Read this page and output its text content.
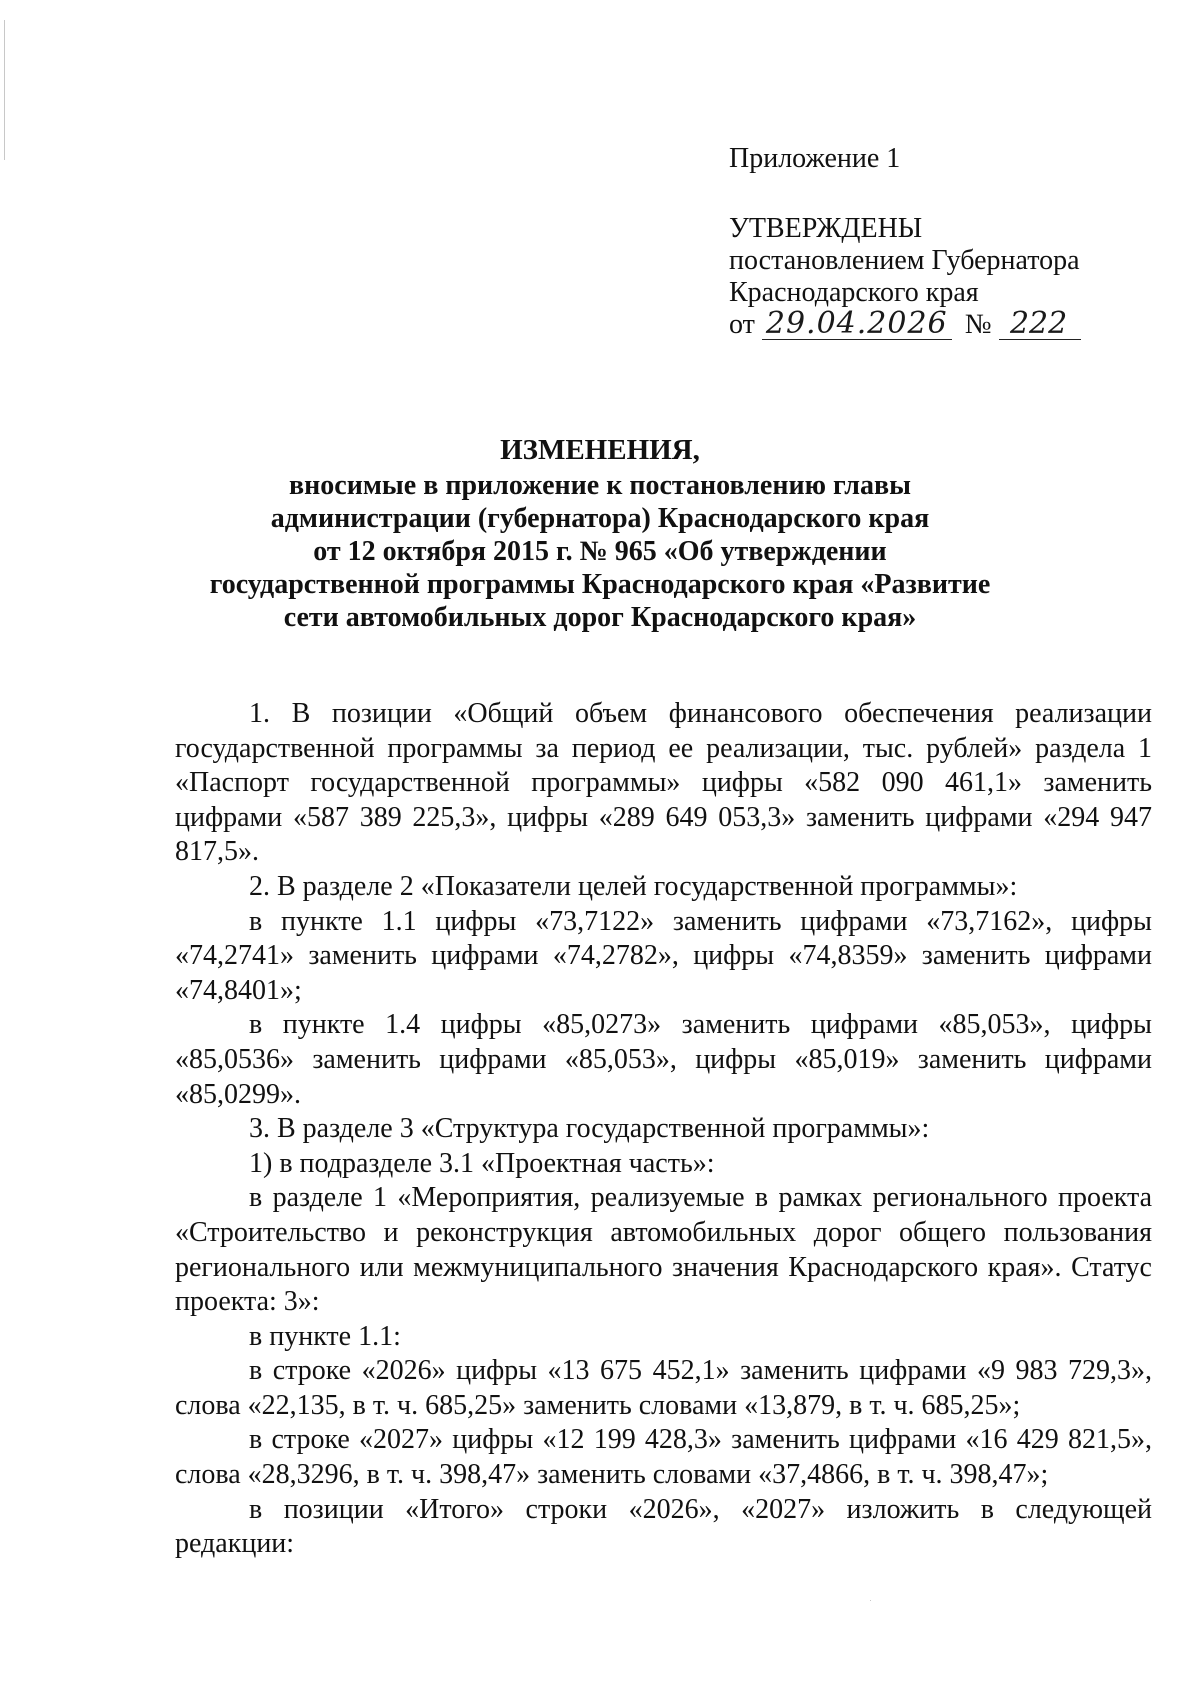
Приложение 1
УТВЕРЖДЕНЫ
постановлением Губернатора
Краснодарского края
от 29.04.2026 № 222
ИЗМЕНЕНИЯ,
вносимые в приложение к постановлению главы
администрации (губернатора) Краснодарского края
от 12 октября 2015 г. № 965 «Об утверждении
государственной программы Краснодарского края «Развитие
сети автомобильных дорог Краснодарского края»

1. В позиции «Общий объем финансового обеспечения реализации государственной программы за период ее реализации, тыс. рублей» раздела 1 «Паспорт государственной программы» цифры «582 090 461,1» заменить цифрами «587 389 225,3», цифры «289 649 053,3» заменить цифрами «294 947 817,5».

2. В разделе 2 «Показатели целей государственной программы»:

в пункте 1.1 цифры «73,7122» заменить цифрами «73,7162», цифры «74,2741» заменить цифрами «74,2782», цифры «74,8359» заменить цифрами «74,8401»;

в пункте 1.4 цифры «85,0273» заменить цифрами «85,053», цифры «85,0536» заменить цифрами «85,053», цифры «85,019» заменить цифрами «85,0299».

3. В разделе 3 «Структура государственной программы»:

1) в подразделе 3.1 «Проектная часть»:

в разделе 1 «Мероприятия, реализуемые в рамках регионального проекта «Строительство и реконструкция автомобильных дорог общего пользования регионального или межмуниципального значения Краснодарского края». Статус проекта: 3»:

в пункте 1.1:

в строке «2026» цифры «13 675 452,1» заменить цифрами «9 983 729,3», слова «22,135, в т. ч. 685,25» заменить словами «13,879, в т. ч. 685,25»;

в строке «2027» цифры «12 199 428,3» заменить цифрами «16 429 821,5», слова «28,3296, в т. ч. 398,47» заменить словами «37,4866, в т. ч. 398,47»;

в позиции «Итого» строки «2026», «2027» изложить в следующей редакции:
